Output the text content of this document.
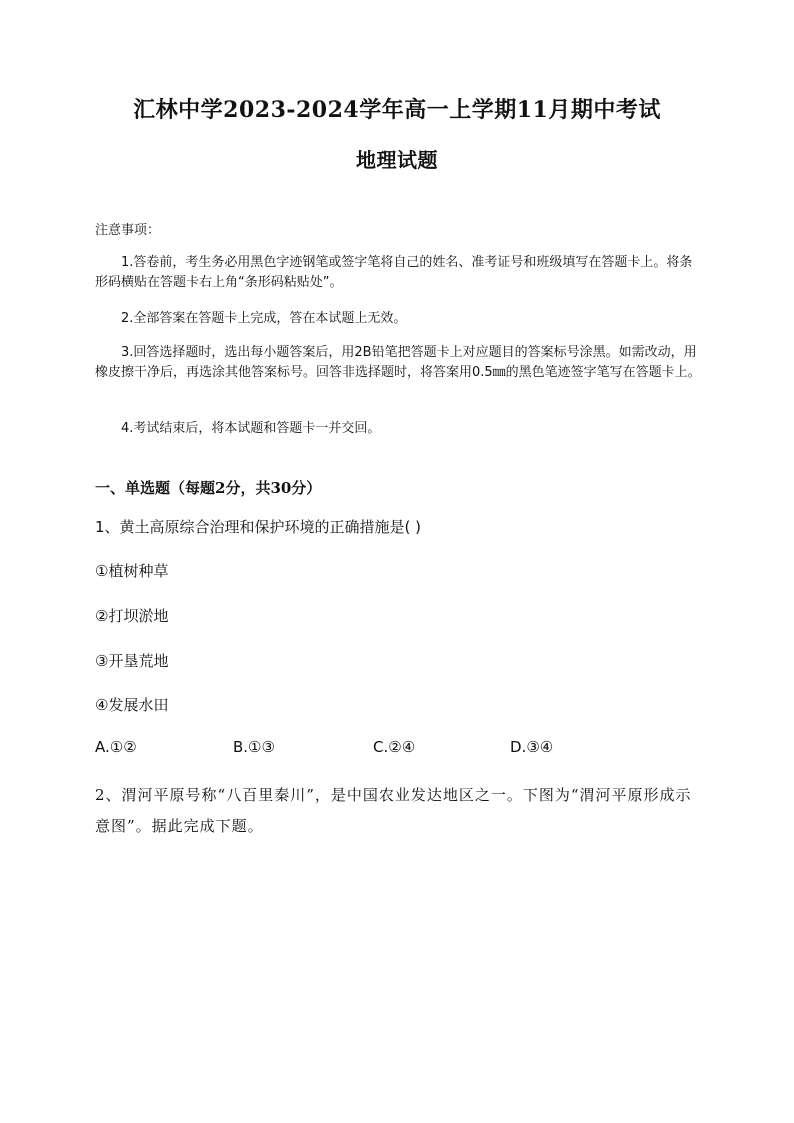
汇林中学2023-2024学年高一上学期11月期中考试
地理试题
注意事项：
1.答卷前，考生务必用黑色字迹钢笔或签字笔将自己的姓名、准考证号和班级填写在答题卡上。将条形码横贴在答题卡右上角“条形码粘贴处”。
2.全部答案在答题卡上完成，答在本试题上无效。
3.回答选择题时，选出每小题答案后，用2B铅笔把答题卡上对应题目的答案标号涂黑。如需改动，用橡皮擦干净后，再选涂其他答案标号。回答非选择题时，将答案用0.5㎜的黑色笔迹签字笔写在答题卡上。
4.考试结束后，将本试题和答题卡一并交回。
一、单选题（每题2分，共30分）
1、黄土高原综合治理和保护环境的正确措施是( )
①植树种草
②打坝淤地
③开垦荒地
④发展水田
A.①②	B.①③	C.②④	D.③④
2、渭河平原号称“八百里秦川”，是中国农业发达地区之一。下图为“渭河平原形成示意图”。据此完成下题。
